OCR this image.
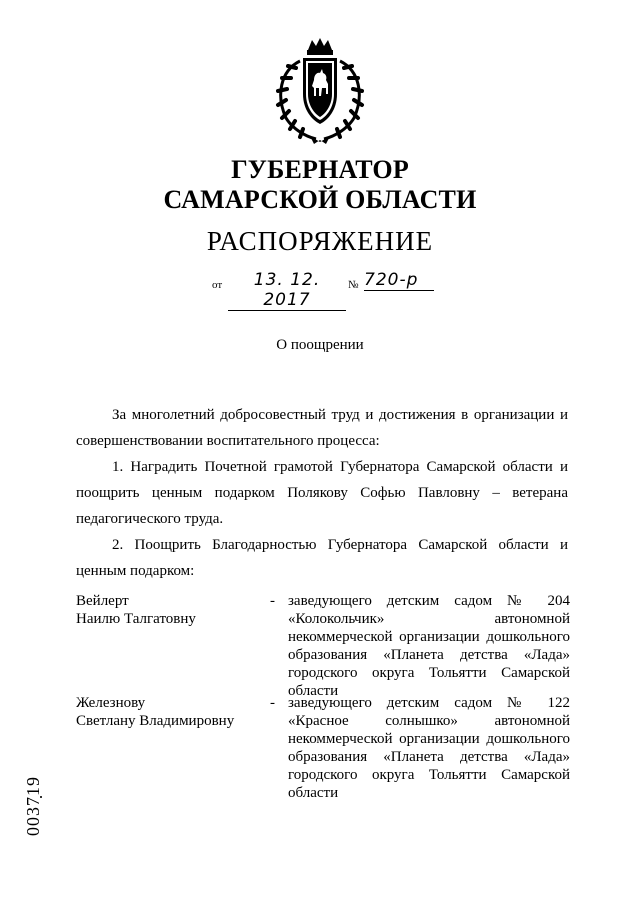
ГУБЕРНАТОР
САМАРСКОЙ ОБЛАСТИ
РАСПОРЯЖЕНИЕ
от	13. 12. 2017
№ 720-р
О поощрении
За многолетний добросовестный труд и достижения в организации и совершенствовании воспитательного процесса:
1. Наградить Почетной грамотой Губернатора Самарской области и поощрить ценным подарком Полякову Софью Павловну – ветерана педагогического труда.
2. Поощрить Благодарностью Губернатора Самарской области и ценным подарком:
Вейлерт
Наилю Талгатовну
- заведующего детским садом № 204 «Колокольчик» автономной некоммерческой организации дошкольного образования «Планета детства «Лада» городского округа Тольятти Самарской области
Железнову
Светлану Владимировну
- заведующего детским садом № 122 «Красное солнышко» автономной некоммерческой организации дошкольного образования «Планета детства «Лада» городского округа Тольятти Самарской области
003719
